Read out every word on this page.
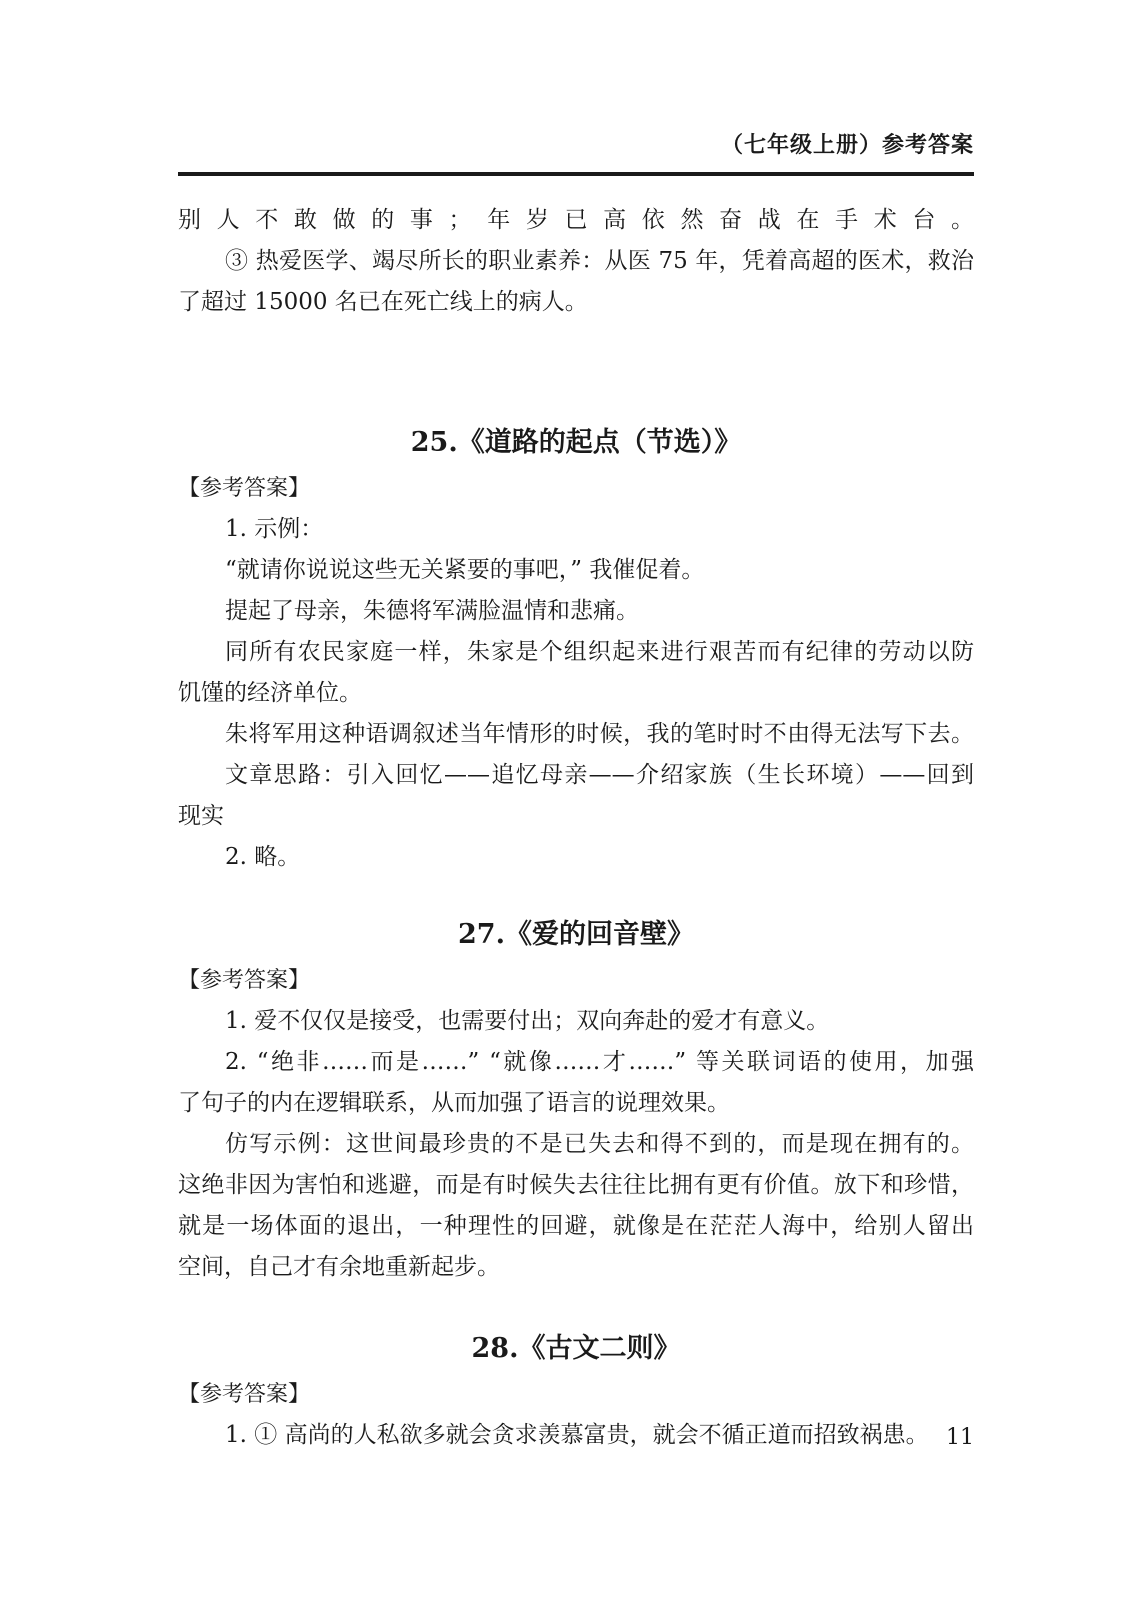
（七年级上册）参考答案
别人不敢做的事；年岁已高依然奋战在手术台。
③ 热爱医学、竭尽所长的职业素养：从医 75 年，凭着高超的医术，救治
了超过 15000 名已在死亡线上的病人。
25.《道路的起点（节选）》
【参考答案】
1. 示例：
“就请你说说这些无关紧要的事吧，” 我催促着。
提起了母亲，朱德将军满脸温情和悲痛。
同所有农民家庭一样，朱家是个组织起来进行艰苦而有纪律的劳动以防
饥馑的经济单位。
朱将军用这种语调叙述当年情形的时候，我的笔时时不由得无法写下去。
文章思路：引入回忆——追忆母亲——介绍家族（生长环境）——回到
现实
2. 略。
27.《爱的回音壁》
【参考答案】
1. 爱不仅仅是接受，也需要付出；双向奔赴的爱才有意义。
2. “绝非……而是……” “就像……才……” 等关联词语的使用，加强
了句子的内在逻辑联系，从而加强了语言的说理效果。
仿写示例：这世间最珍贵的不是已失去和得不到的，而是现在拥有的。
这绝非因为害怕和逃避，而是有时候失去往往比拥有更有价值。放下和珍惜，
就是一场体面的退出，一种理性的回避，就像是在茫茫人海中，给别人留出
空间，自己才有余地重新起步。
28.《古文二则》
【参考答案】
1. ① 高尚的人私欲多就会贪求羡慕富贵，就会不循正道而招致祸患。 11
